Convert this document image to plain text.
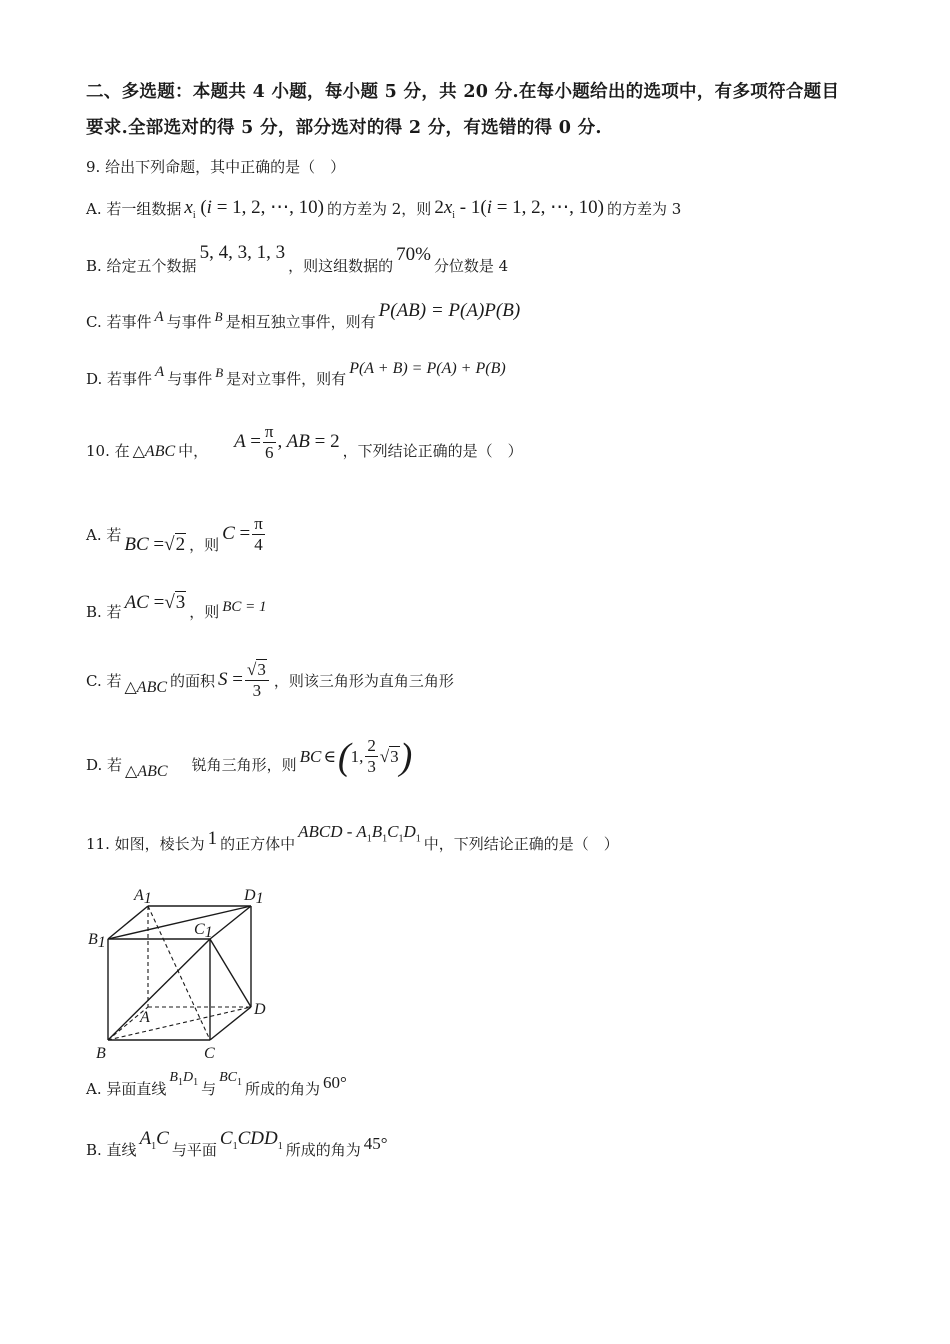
二、多选题：本题共 4 小题，每小题 5 分，共 20 分.在每小题给出的选项中，有多项符合题目
要求.全部选对的得 5 分，部分选对的得 2 分，有选错的得 0 分.
9. 给出下列命题，其中正确的是（　）
A. 若一组数据 $x_i$ (i = 1, 2, ⋯, 10) 的方差为 2，则 $2x_i - 1(i = 1$, 2, ⋯, 10) 的方差为 3
B. 给定五个数据
5, 4, 3, 1, 3
，则这组数据的
70%
分位数是 4
C. 若事件 A 与事件 B 是相互独立事件，则有
P(AB) = P(A)P(B)
D. 若事件 A 与事件 B 是对立事件，则有
P(A + B) = P(A) + P(B)
10. 在 △ABC 中， $A = \frac{\pi}{6}$ , AB = 2 ，下列结论正确的是（　）
A. 若 BC =√2 ，则
$C = \frac{\pi}{4}$
B. 若 AC =√3 ，则 BC = 1
C. 若 △ABC 的面积 $S = \frac{√3}{3}$ ，则该三角形为直角三角形
D. 若 △ABC 锐角三角形，则 BC ∈ ( 1, $\frac{2}{3} √3$ )
11. 如图，棱长为 1 的正方体中
ABCD - $A_1B_1C_1D_1$ 中，下列结论正确的是（　）
A1	D1
B1
C1
A	D
B	C
A. 异面直线
$B_1D_1$ 与
$BC_1$ 所成的角为 60°
B. 直线
$A_1C$
与平面
$C_1CDD_1$ 所成的角为 45°
